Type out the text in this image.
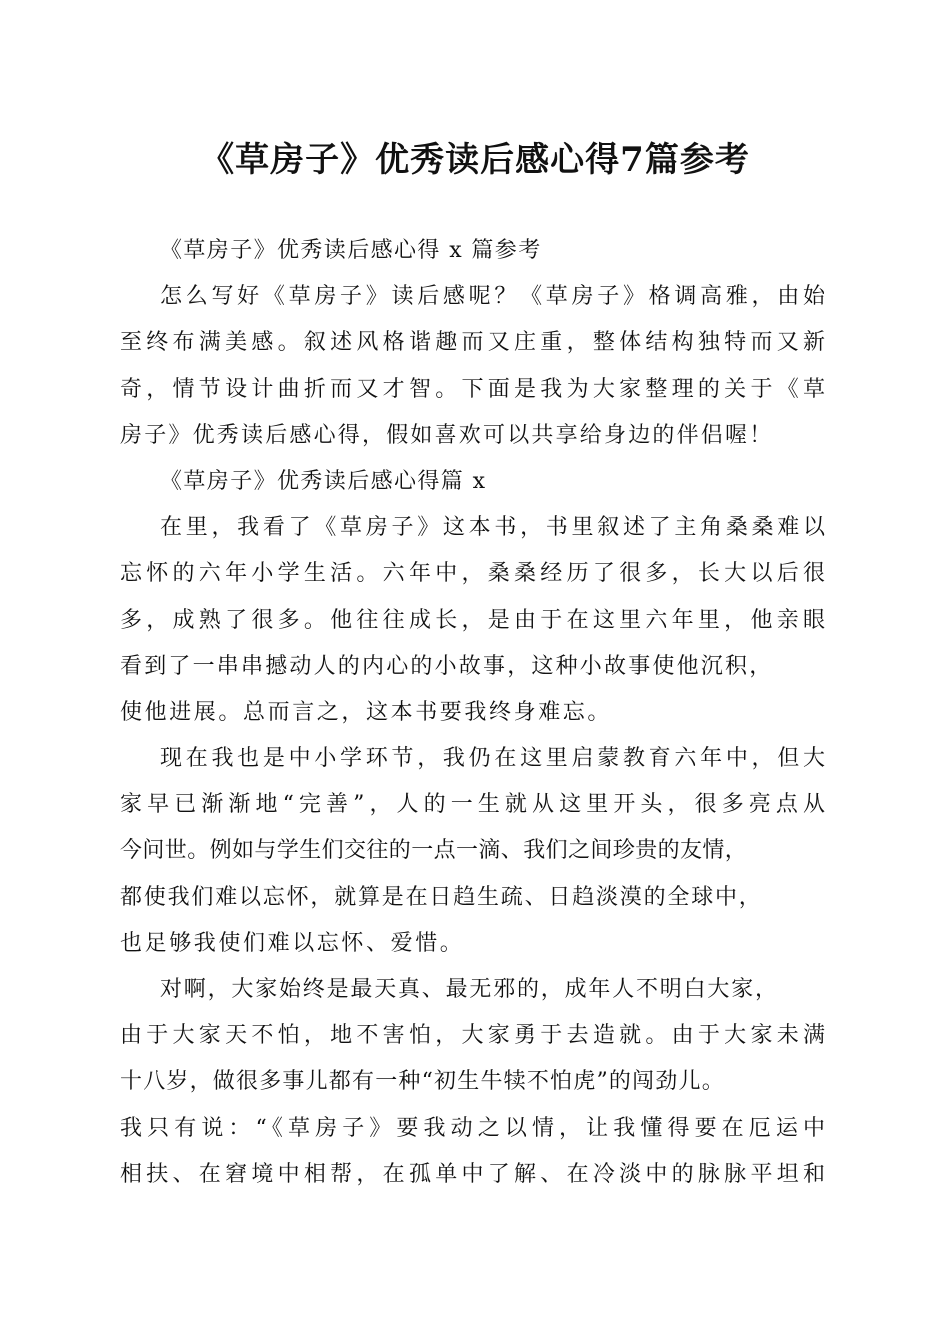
《草房子》优秀读后感心得7篇参考
《草房子》优秀读后感心得 x 篇参考
怎么写好《草房子》读后感呢？《草房子》格调高雅，由始
至终布满美感。叙述风格谐趣而又庄重，整体结构独特而又新
奇，情节设计曲折而又才智。下面是我为大家整理的关于《草
房子》优秀读后感心得，假如喜欢可以共享给身边的伴侣喔！
《草房子》优秀读后感心得篇 x
在里，我看了《草房子》这本书，书里叙述了主角桑桑难以
忘怀的六年小学生活。六年中，桑桑经历了很多，长大以后很
多，成熟了很多。他往往成长，是由于在这里六年里，他亲眼
看到了一串串撼动人的内心的小故事，这种小故事使他沉积，
使他进展。总而言之，这本书要我终身难忘。
现在我也是中小学环节，我仍在这里启蒙教育六年中，但大
家早已渐渐地“完善”，人的一生就从这里开头，很多亮点从
今问世。例如与学生们交往的一点一滴、我们之间珍贵的友情，
都使我们难以忘怀，就算是在日趋生疏、日趋淡漠的全球中，
也足够我使们难以忘怀、爱惜。
对啊，大家始终是最天真、最无邪的，成年人不明白大家，
由于大家天不怕，地不害怕，大家勇于去造就。由于大家未满
十八岁，做很多事儿都有一种“初生牛犊不怕虎”的闯劲儿。
我只有说：“《草房子》要我动之以情，让我懂得要在厄运中
相扶、在窘境中相帮，在孤单中了解、在冷淡中的脉脉平坦和
